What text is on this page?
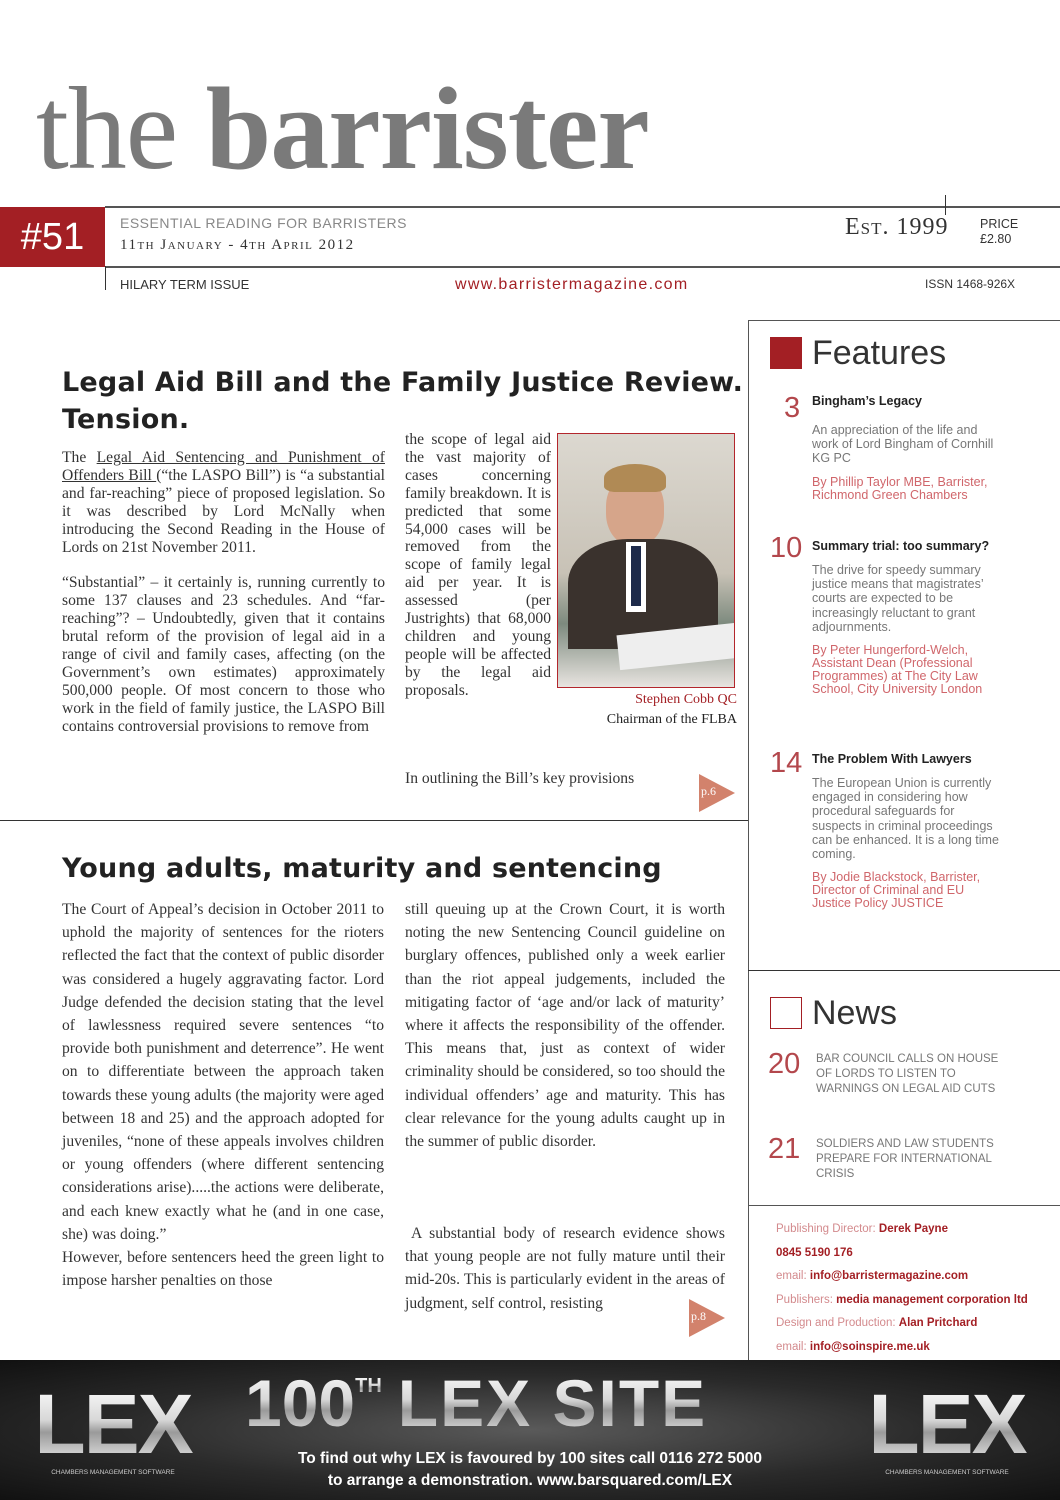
the barrister
#51	ESSENTIAL READING FOR BARRISTERS
11th January - 4th April 2012
Est. 1999	PRICE
£2.80
HILARY TERM ISSUE	www.barristermagazine.com	ISSN 1468-926X
Legal Aid Bill and the Family Justice Review.
Tension.

The Legal Aid Sentencing and Punishment of Offenders Bill (“the LASPO Bill”) is “a substantial and far-reaching” piece of proposed legislation. So it was described by Lord McNally when introducing the Second Reading in the House of Lords on 21st November 2011.

“Substantial” – it certainly is, running currently to some 137 clauses and 23 schedules. And “far-reaching”? – Undoubtedly, given that it contains brutal reform of the provision of legal aid in a range of civil and family cases, affecting (on the Government’s own estimates) approximately 500,000 people. Of most concern to those who work in the field of family justice, the LASPO Bill contains controversial provisions to remove from

the scope of legal aid the vast majority of cases concerning family breakdown. It is predicted that some 54,000 cases will be removed from the scope of family legal aid per year. It is assessed (per Justrights) that 68,000 children and young people will be affected by the legal aid proposals.

In outlining the Bill’s key provisions
p.6
Stephen Cobb QC
Chairman of the FLBA
Young adults, maturity and sentencing

The Court of Appeal’s decision in October 2011 to uphold the majority of sentences for the rioters reflected the fact that the context of public disorder was considered a hugely aggravating factor. Lord Judge defended the decision stating that the level of lawlessness required severe sentences “to provide both punishment and deterrence”. He went on to differentiate between the approach taken towards these young adults (the majority were aged between 18 and 25) and the approach adopted for juveniles, “none of these appeals involves children or young offenders (where different sentencing considerations arise).....the actions were deliberate, and each knew exactly what he (and in one case, she) was doing.”

However, before sentencers heed the green light to impose harsher penalties on those

still queuing up at the Crown Court, it is worth noting the new Sentencing Council guideline on burglary offences, published only a week earlier than the riot appeal judgements, included the mitigating factor of ‘age and/or lack of maturity’ where it affects the responsibility of the offender. This means that, just as context of wider criminality should be considered, so too should the individual offenders’ age and maturity. This has clear relevance for the young adults caught up in the summer of public disorder.

A substantial body of research evidence shows that young people are not fully mature until their mid-20s. This is particularly evident in the areas of judgment, self control, resisting

p.8
Features
3 Bingham’s Legacy
An appreciation of the life and work of Lord Bingham of Cornhill KG PC
By Phillip Taylor MBE, Barrister, Richmond Green Chambers
10 Summary trial: too summary?
The drive for speedy summary justice means that magistrates’ courts are expected to be increasingly reluctant to grant adjournments.
By Peter Hungerford-Welch, Assistant Dean (Professional Programmes) at The City Law School, City University London
14 The Problem With Lawyers
The European Union is currently engaged in considering how procedural safeguards for suspects in criminal proceedings can be enhanced. It is a long time coming.
By Jodie Blackstock, Barrister, Director of Criminal and EU Justice Policy JUSTICE
News
20 BAR COUNCIL CALLS ON HOUSE OF LORDS TO LISTEN TO WARNINGS ON LEGAL AID CUTS
21 SOLDIERS AND LAW STUDENTS PREPARE FOR INTERNATIONAL CRISIS
Publishing Director: Derek Payne
0845 5190 176
email: info@barristermagazine.com
Publishers: media management corporation ltd
Design and Production: Alan Pritchard
email: info@soinspire.me.uk
LEX
CHAMBERS MANAGEMENT SOFTWARE
100TH LEX SITE
To find out why LEX is favoured by 100 sites call 0116 272 5000
to arrange a demonstration. www.barsquared.com/LEX
LEX
CHAMBERS MANAGEMENT SOFTWARE
